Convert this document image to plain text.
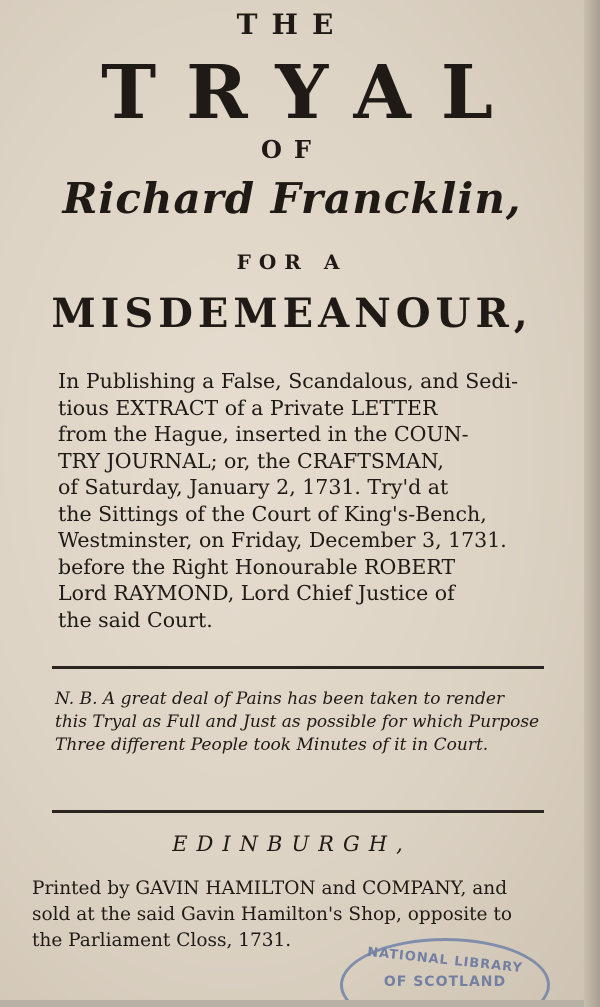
THE
TRYAL
OF
Richard Francklin,
FOR A
MISDEMEANOUR,

In Publishing a False, Scandalous, and Sedi-
tious EXTRACT of a Private LETTER
from the Hague, inserted in the COUN-
TRY JOURNAL; or, the CRAFTSMAN,
of Saturday, January 2, 1731. Try'd at
the Sittings of the Court of King's-Bench,
Westminster, on Friday, December 3, 1731.
before the Right Honourable ROBERT
Lord RAYMOND, Lord Chief Justice of
the said Court.

N. B. A great deal of Pains has been taken to render this Tryal as Full and Just as possible for which Purpose Three different People took Minutes of it in Court.

EDINBURGH,

Printed by GAVIN HAMILTON and COMPANY, and
sold at the said Gavin Hamilton's Shop, opposite to
the Parliament Closs, 1731.

NATIONAL LIBRARY
OF SCOTLAND
